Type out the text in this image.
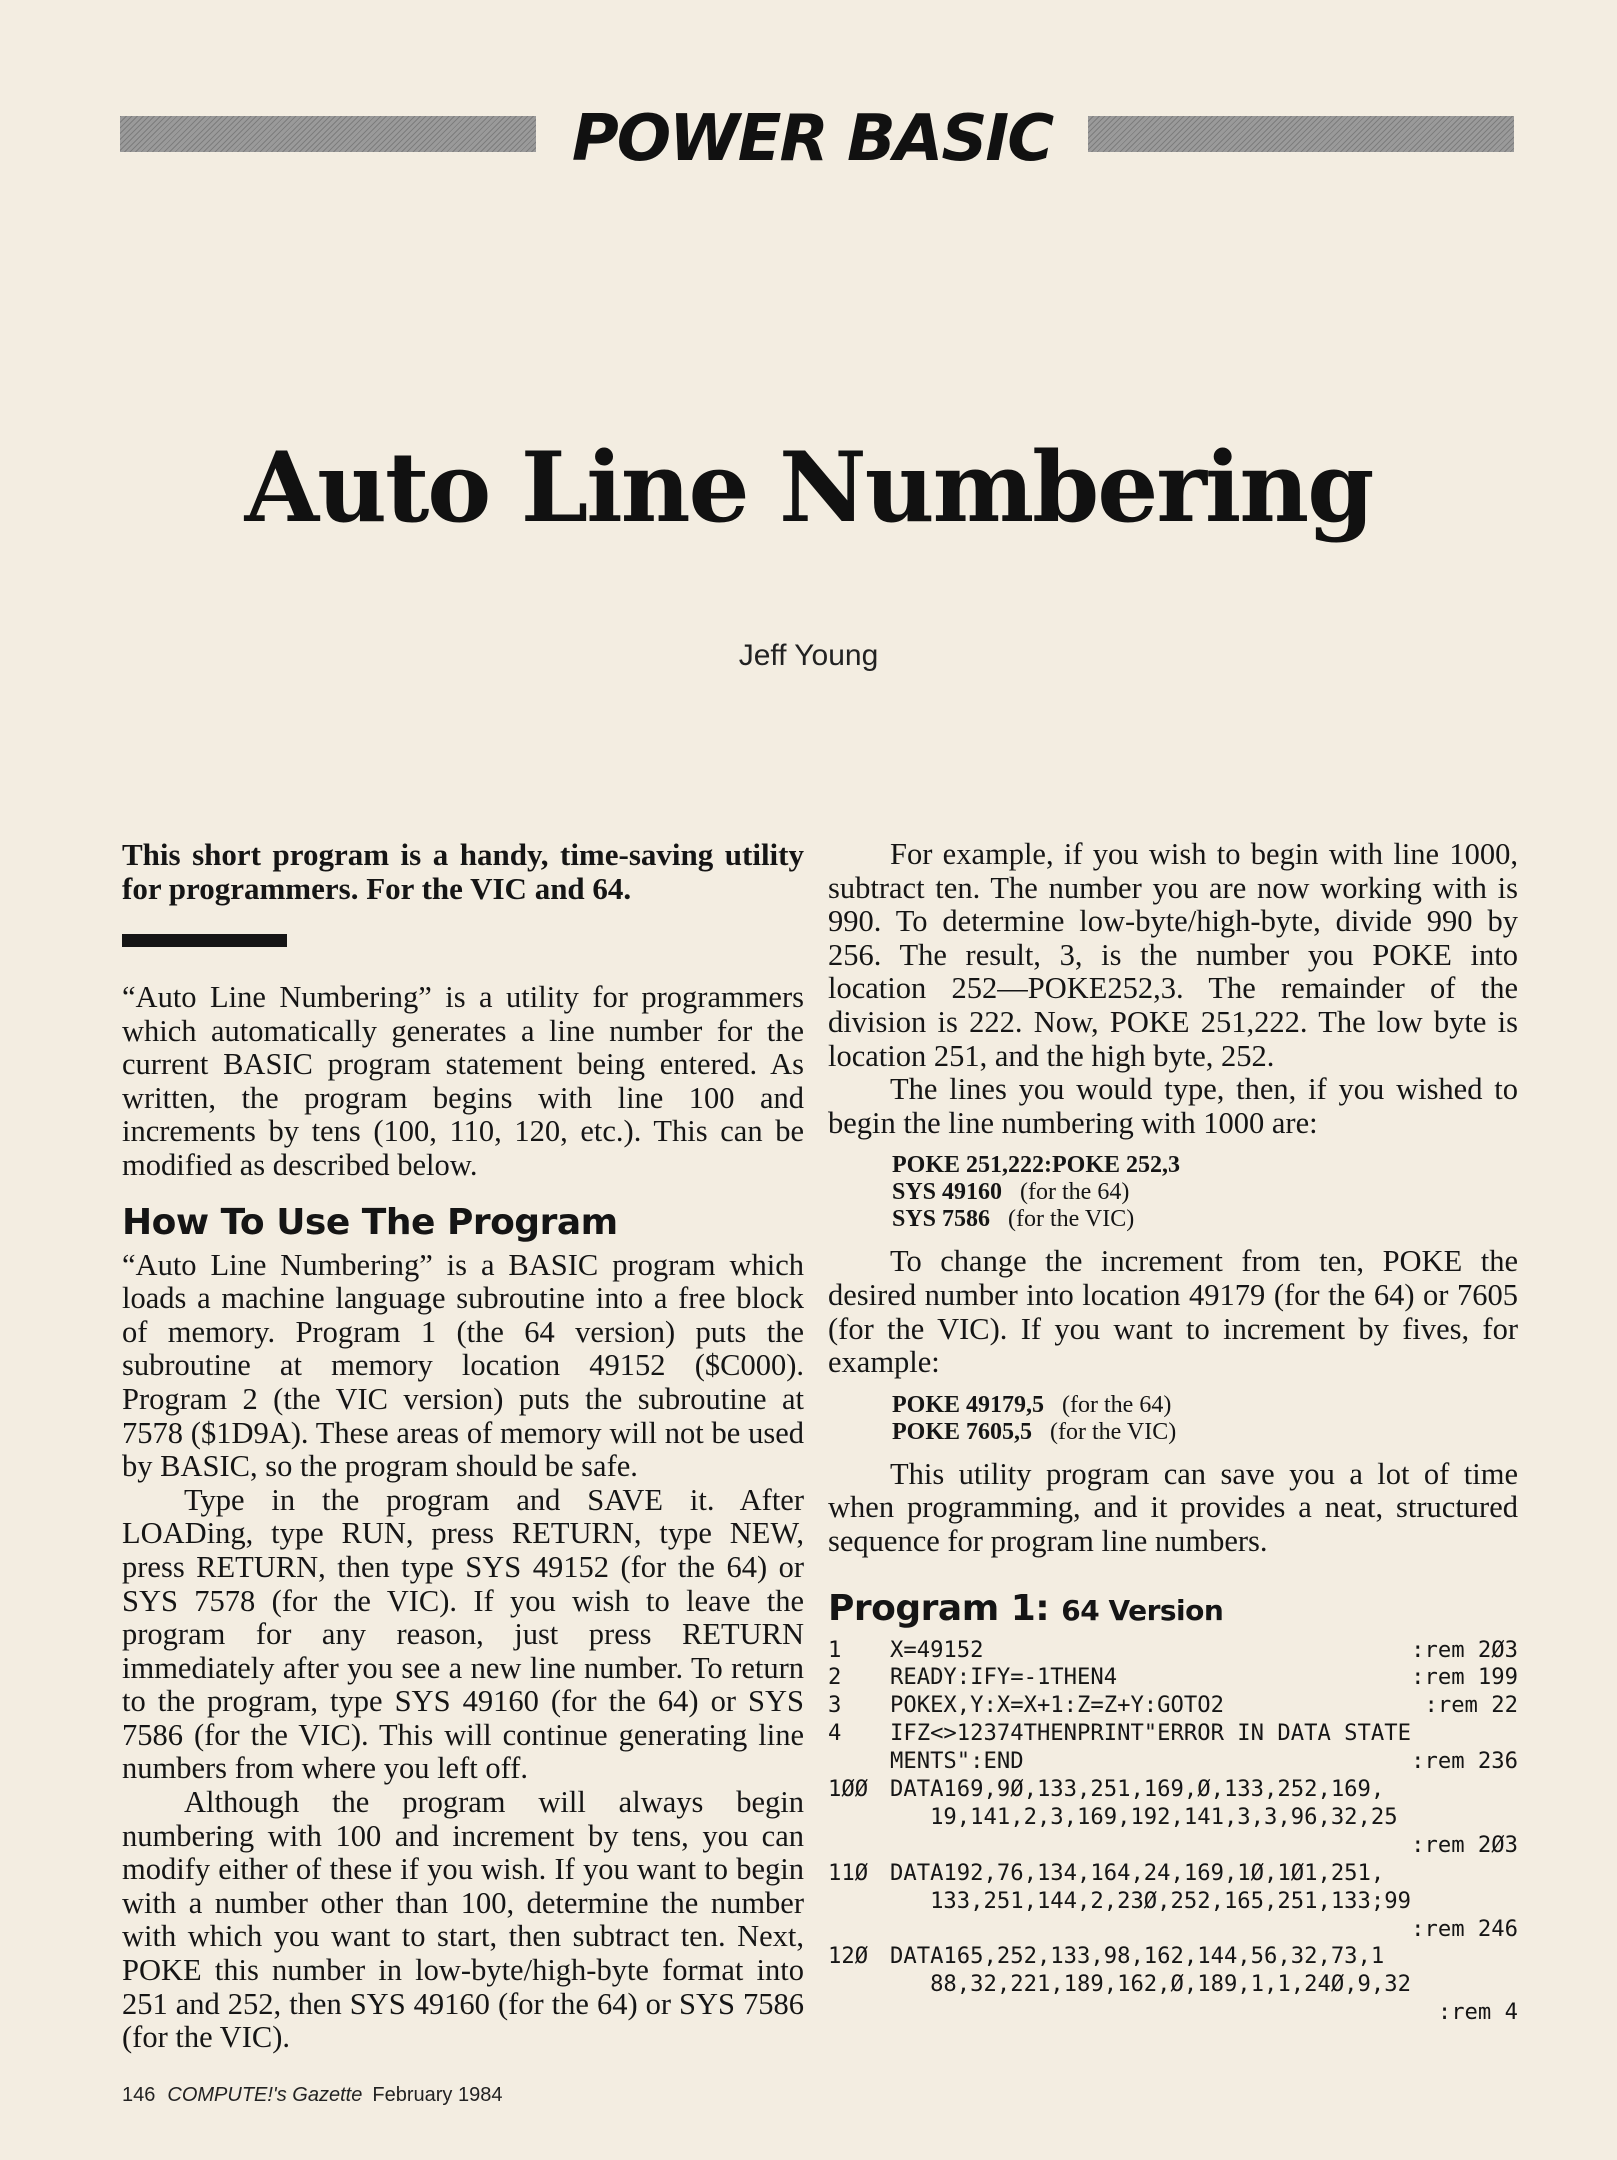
POWER BASIC
Auto Line Numbering
Jeff Young

This short program is a handy, time-saving utility for programmers. For the VIC and 64.

“Auto Line Numbering” is a utility for programmers which automatically generates a line number for the current BASIC program statement being entered. As written, the program begins with line 100 and increments by tens (100, 110, 120, etc.). This can be modified as described below.

How To Use The Program

“Auto Line Numbering” is a BASIC program which loads a machine language subroutine into a free block of memory. Program 1 (the 64 version) puts the subroutine at memory location 49152 ($C000). Program 2 (the VIC version) puts the subroutine at 7578 ($1D9A). These areas of memory will not be used by BASIC, so the program should be safe.

Type in the program and SAVE it. After LOADing, type RUN, press RETURN, type NEW, press RETURN, then type SYS 49152 (for the 64) or SYS 7578 (for the VIC). If you wish to leave the program for any reason, just press RETURN immediately after you see a new line number. To return to the program, type SYS 49160 (for the 64) or SYS 7586 (for the VIC). This will continue generating line numbers from where you left off.

Although the program will always begin numbering with 100 and increment by tens, you can modify either of these if you wish. If you want to begin with a number other than 100, determine the number with which you want to start, then subtract ten. Next, POKE this number in low-byte/high-byte format into 251 and 252, then SYS 49160 (for the 64) or SYS 7586 (for the VIC).

For example, if you wish to begin with line 1000, subtract ten. The number you are now working with is 990. To determine low-byte/high-byte, divide 990 by 256. The result, 3, is the number you POKE into location 252—POKE252,3. The remainder of the division is 222. Now, POKE 251,222. The low byte is location 251, and the high byte, 252.

The lines you would type, then, if you wished to begin the line numbering with 1000 are:

POKE 251,222:POKE 252,3
SYS 49160 (for the 64)
SYS 7586 (for the VIC)

To change the increment from ten, POKE the desired number into location 49179 (for the 64) or 7605 (for the VIC). If you want to increment by fives, for example:

POKE 49179,5 (for the 64)
POKE 7605,5 (for the VIC)

This utility program can save you a lot of time when programming, and it provides a neat, structured sequence for program line numbers.

Program 1: 64 Version
1	X=49152	:rem 2Ø3
2	READY:IFY=-1THEN4	:rem 199
3	POKEX,Y:X=X+1:Z=Z+Y:GOTO2	:rem 22
4	IFZ<>12374THENPRINT"ERROR IN DATA STATE
MENTS":END	:rem 236
1ØØ DATA169,9Ø,133,251,169,Ø,133,252,169,
19,141,2,3,169,192,141,3,3,96,32,25
:rem 2Ø3
11Ø DATA192,76,134,164,24,169,1Ø,1Ø1,251,
133,251,144,2,23Ø,252,165,251,133;99
:rem 246
12Ø DATA165,252,133,98,162,144,56,32,73,1
88,32,221,189,162,Ø,189,1,1,24Ø,9,32
:rem 4
146 COMPUTE!'s Gazette February 1984
